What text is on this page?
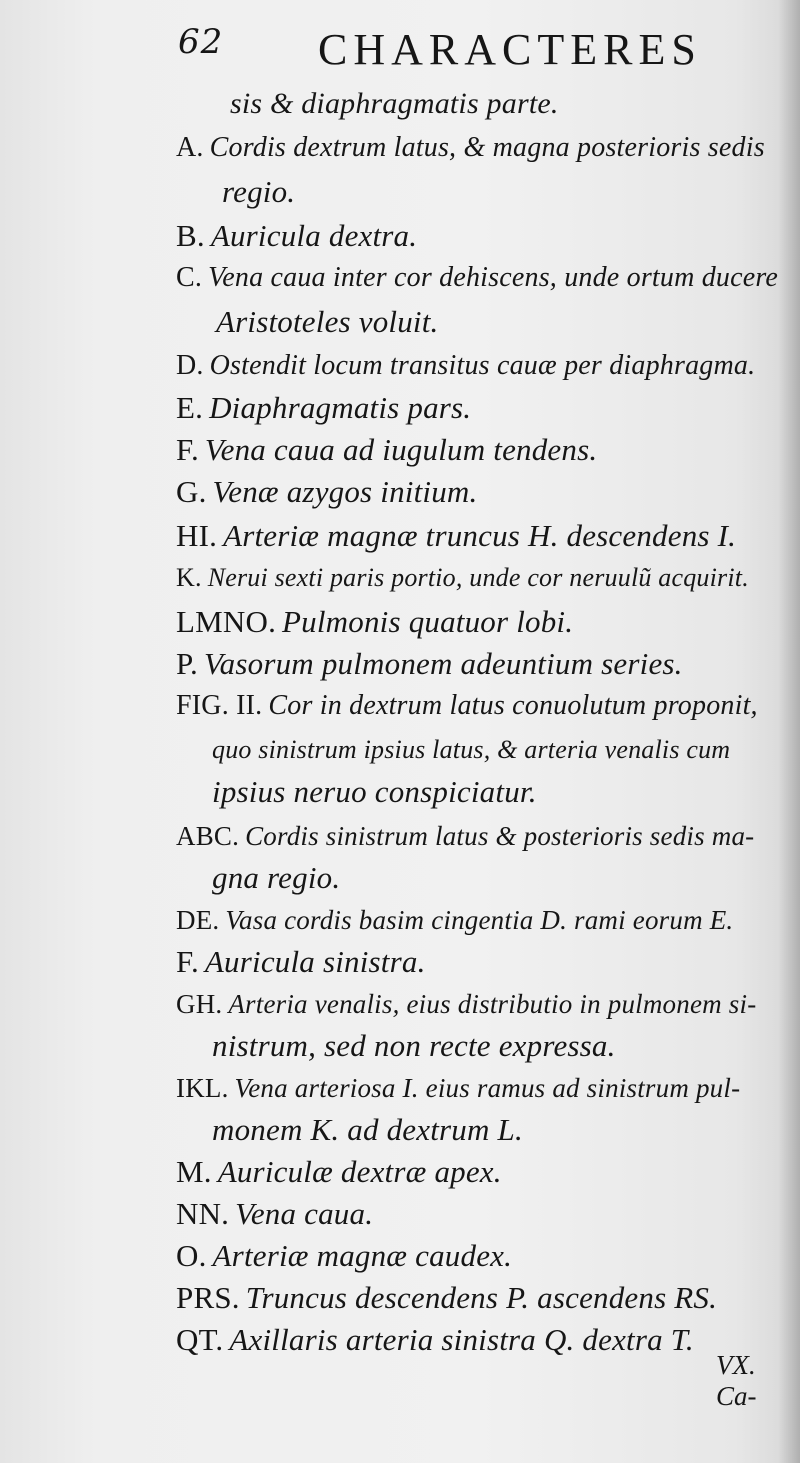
62 CHARACTERES
sis & diaphragmatis parte.
A. Cordis dextrum latus, & magna posterioris sedis
regio.
B. Auricula dextra.
C. Vena caua inter cor dehiscens, unde ortum ducere
Aristoteles voluit.
D. Ostendit locum transitus cauæ per diaphragma.
E. Diaphragmatis pars.
F. Vena caua ad iugulum tendens.
G. Venæ azygos initium.
HI. Arteriæ magnæ truncus H. descendens I.
K. Nerui sexti paris portio, unde cor neruulũ acquirit.
LMNO. Pulmonis quatuor lobi.
P. Vasorum pulmonem adeuntium series.
FIG. II. Cor in dextrum latus conuolutum proponit,
quo sinistrum ipsius latus, & arteria venalis cum
ipsius neruo conspiciatur.
ABC. Cordis sinistrum latus & posterioris sedis ma-
gna regio.
DE. Vasa cordis basim cingentia D. rami eorum E.
F. Auricula sinistra.
GH. Arteria venalis, eius distributio in pulmonem si-
nistrum, sed non recte expressa.
IKL. Vena arteriosa I. eius ramus ad sinistrum pul-
monem K. ad dextrum L.
M. Auriculæ dextræ apex.
NN. Vena caua.
O. Arteriæ magnæ caudex.
PRS. Truncus descendens P. ascendens RS.
QT. Axillaris arteria sinistra Q. dextra T.
VX. Ca-
